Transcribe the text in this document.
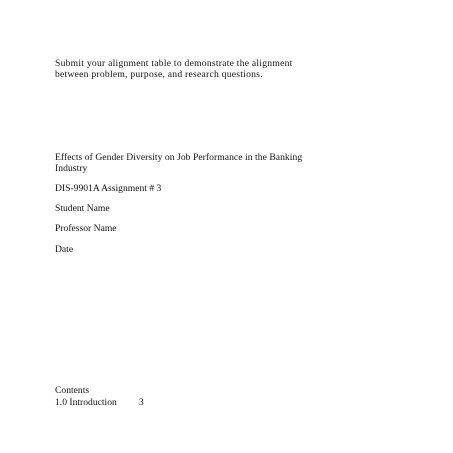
Submit your alignment table to demonstrate the alignment
between problem, purpose, and research questions.
Effects of Gender Diversity on Job Performance in the Banking
Industry
DIS-9901A Assignment # 3
Student Name
Professor Name
Date
Contents
1.0 Introduction 3
